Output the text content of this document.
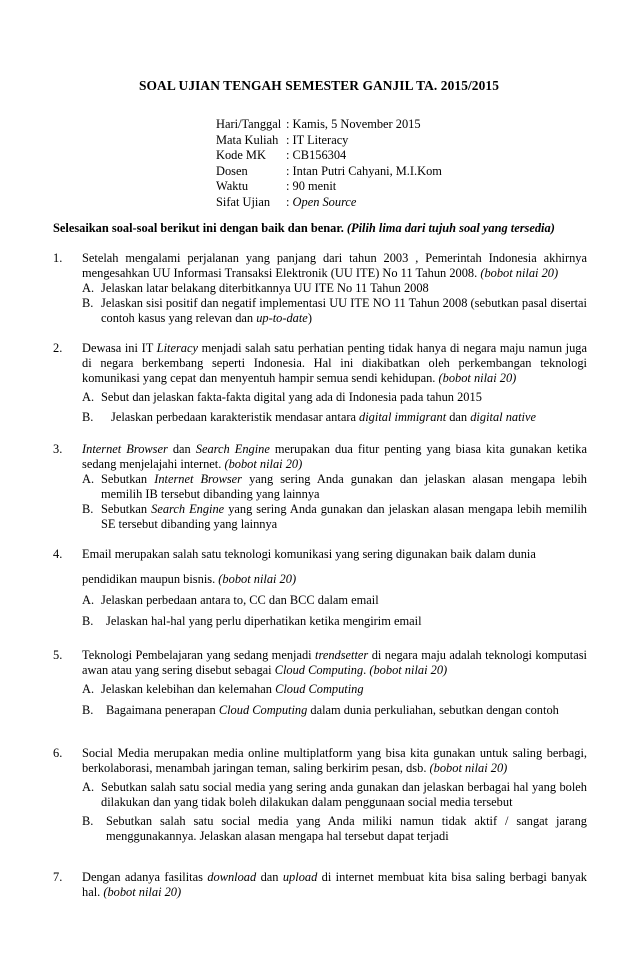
SOAL UJIAN TENGAH SEMESTER GANJIL TA. 2015/2015
Hari/Tanggal : Kamis, 5 November 2015
Mata Kuliah : IT Literacy
Kode MK	: CB156304
Dosen	: Intan Putri Cahyani, M.I.Kom
Waktu	: 90 menit
Sifat Ujian	: Open Source
Selesaikan soal-soal berikut ini dengan baik dan benar. (Pilih lima dari tujuh soal yang tersedia)
1.	Setelah mengalami perjalanan yang panjang dari tahun 2003 , Pemerintah Indonesia akhirnya mengesahkan UU Informasi Transaksi Elektronik (UU ITE) No 11 Tahun 2008. (bobot nilai 20)
A. Jelaskan latar belakang diterbitkannya UU ITE No 11 Tahun 2008
B. Jelaskan sisi positif dan negatif implementasi UU ITE NO 11 Tahun 2008 (sebutkan pasal disertai contoh kasus yang relevan dan up-to-date)
2.	Dewasa ini IT Literacy menjadi salah satu perhatian penting tidak hanya di negara maju namun juga di negara berkembang seperti Indonesia. Hal ini diakibatkan oleh perkembangan teknologi komunikasi yang cepat dan menyentuh hampir semua sendi kehidupan. (bobot nilai 20)
A. Sebut dan jelaskan fakta-fakta digital yang ada di Indonesia pada tahun 2015
B.	Jelaskan perbedaan karakteristik mendasar antara digital immigrant dan digital native
3.	Internet Browser dan Search Engine merupakan dua fitur penting yang biasa kita gunakan ketika sedang menjelajahi internet. (bobot nilai 20)
A. Sebutkan Internet Browser yang sering Anda gunakan dan jelaskan alasan mengapa lebih memilih IB tersebut dibanding yang lainnya
B. Sebutkan Search Engine yang sering Anda gunakan dan jelaskan alasan mengapa lebih memilih SE tersebut dibanding yang lainnya
4.	Email merupakan salah satu teknologi komunikasi yang sering digunakan baik dalam dunia
pendidikan maupun bisnis. (bobot nilai 20)
A. Jelaskan perbedaan antara to, CC dan BCC dalam email
B.	Jelaskan hal-hal yang perlu diperhatikan ketika mengirim email
5.	Teknologi Pembelajaran yang sedang menjadi trendsetter di negara maju adalah teknologi komputasi awan atau yang sering disebut sebagai Cloud Computing. (bobot nilai 20)
A. Jelaskan kelebihan dan kelemahan Cloud Computing
B.	Bagaimana penerapan Cloud Computing dalam dunia perkuliahan, sebutkan dengan contoh
6.	Social Media merupakan media online multiplatform yang bisa kita gunakan untuk saling berbagi, berkolaborasi, menambah jaringan teman, saling berkirim pesan, dsb. (bobot nilai 20)
A. Sebutkan salah satu social media yang sering anda gunakan dan jelaskan berbagai hal yang boleh dilakukan dan yang tidak boleh dilakukan dalam penggunaan social media tersebut
B.	Sebutkan salah satu social media yang Anda miliki namun tidak aktif / sangat jarang menggunakannya. Jelaskan alasan mengapa hal tersebut dapat terjadi
7.	Dengan adanya fasilitas download dan upload di internet membuat kita bisa saling berbagi banyak hal. (bobot nilai 20)
